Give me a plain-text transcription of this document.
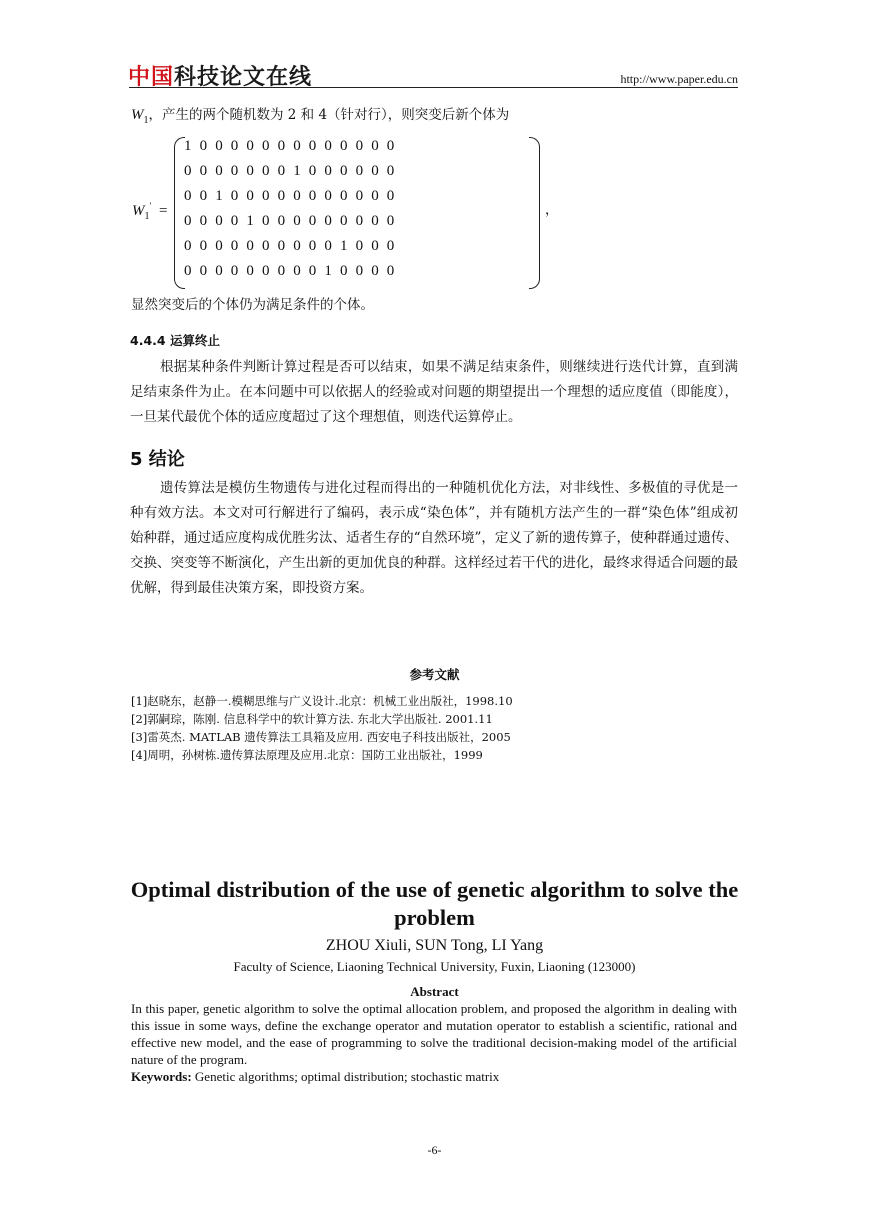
中国科技论文在线	http://www.paper.edu.cn
$W_1$，产生的两个随机数为 2 和 4（针对行），则突变后新个体为
$W_1'$ =
1  0  0  0  0  0  0  0  0  0  0  0  0  0
0  0  0  0  0  0  0  1  0  0  0  0  0  0
0  0  1  0  0  0  0  0  0  0  0  0  0  0
0  0  0  0  1  0  0  0  0  0  0  0  0  0
0  0  0  0  0  0  0  0  0  0  1  0  0  0
0  0  0  0  0  0  0  0  0  1  0  0  0  0
，
显然突变后的个体仍为满足条件的个体。
4.4.4 运算终止
根据某种条件判断计算过程是否可以结束，如果不满足结束条件，则继续进行迭代计算，直到满足结束条件为止。在本问题中可以依据人的经验或对问题的期望提出一个理想的适应度值（即能度），一旦某代最优个体的适应度超过了这个理想值，则迭代运算停止。
5 结论
遗传算法是模仿生物遗传与进化过程而得出的一种随机优化方法，对非线性、多极值的寻优是一种有效方法。本文对可行解进行了编码，表示成“染色体”，并有随机方法产生的一群“染色体”组成初始种群，通过适应度构成优胜劣汰、适者生存的“自然环境”，定义了新的遗传算子，使种群通过遗传、交换、突变等不断演化，产生出新的更加优良的种群。这样经过若干代的进化，最终求得适合问题的最优解，得到最佳决策方案，即投资方案。
参考文献
[1]赵晓东，赵静一.模糊思维与广义设计.北京：机械工业出版社，1998.10
[2]郭嗣琮，陈刚. 信息科学中的软计算方法. 东北大学出版社. 2001.11
[3]雷英杰. MATLAB 遗传算法工具箱及应用. 西安电子科技出版社，2005
[4]周明，孙树栋.遗传算法原理及应用.北京：国防工业出版社，1999
Optimal distribution of the use of genetic algorithm to solve the problem
ZHOU Xiuli, SUN Tong, LI Yang
Faculty of Science, Liaoning Technical University, Fuxin, Liaoning (123000)
Abstract
In this paper, genetic algorithm to solve the optimal allocation problem, and proposed the algorithm in dealing with this issue in some ways, define the exchange operator and mutation operator to establish a scientific, rational and effective new model, and the ease of programming to solve the traditional decision-making model of the artificial nature of the program.
Keywords: Genetic algorithms; optimal distribution; stochastic matrix
-6-
